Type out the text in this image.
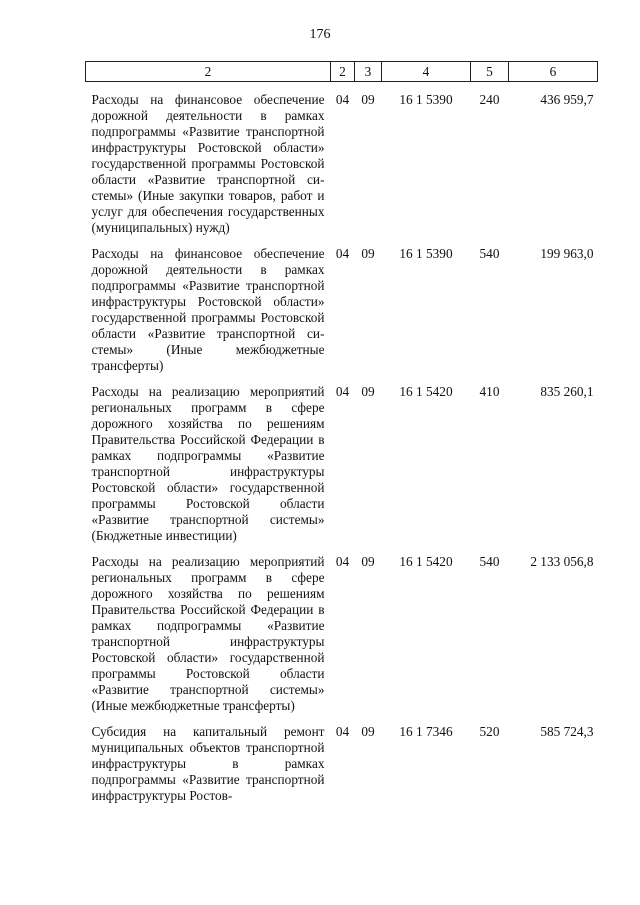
176
2	2	3	4	5	6

Расходы на финансовое обеспечение дорожной деятельности в рамках подпрограммы «Развитие транспортной инфраструктуры Ростовской области» государственной программы Ростовской области «Развитие транспортной системы» (Иные закупки товаров, работ и услуг для обеспечения государственных (муниципальных) нужд)	04	09	16 1 5390	240	436 959,7

Расходы на финансовое обеспечение дорожной деятельности в рамках подпрограммы «Развитие транспортной инфраструктуры Ростовской области» государственной программы Ростовской области «Развитие транспортной системы» (Иные межбюджетные трансферты)	04	09	16 1 5390	540	199 963,0

Расходы на реализацию мероприятий региональных программ в сфере дорожного хозяйства по решениям Правительства Российской Федерации в рамках подпрограммы «Развитие транспортной инфраструктуры Ростовской области» государственной программы Ростовской области «Развитие транспортной системы» (Бюджетные инвестиции)	04	09	16 1 5420	410	835 260,1

Расходы на реализацию мероприятий региональных программ в сфере дорожного хозяйства по решениям Правительства Российской Федерации в рамках подпрограммы «Развитие транспортной инфраструктуры Ростовской области» государственной программы Ростовской области «Развитие транспортной системы» (Иные межбюджетные трансферты)	04	09	16 1 5420	540	2 133 056,8

Субсидия на капитальный ремонт муниципальных объектов транспортной инфраструктуры в рамках подпрограммы «Развитие транспортной инфраструктуры Ростов-	04	09	16 1 7346	520	585 724,3
